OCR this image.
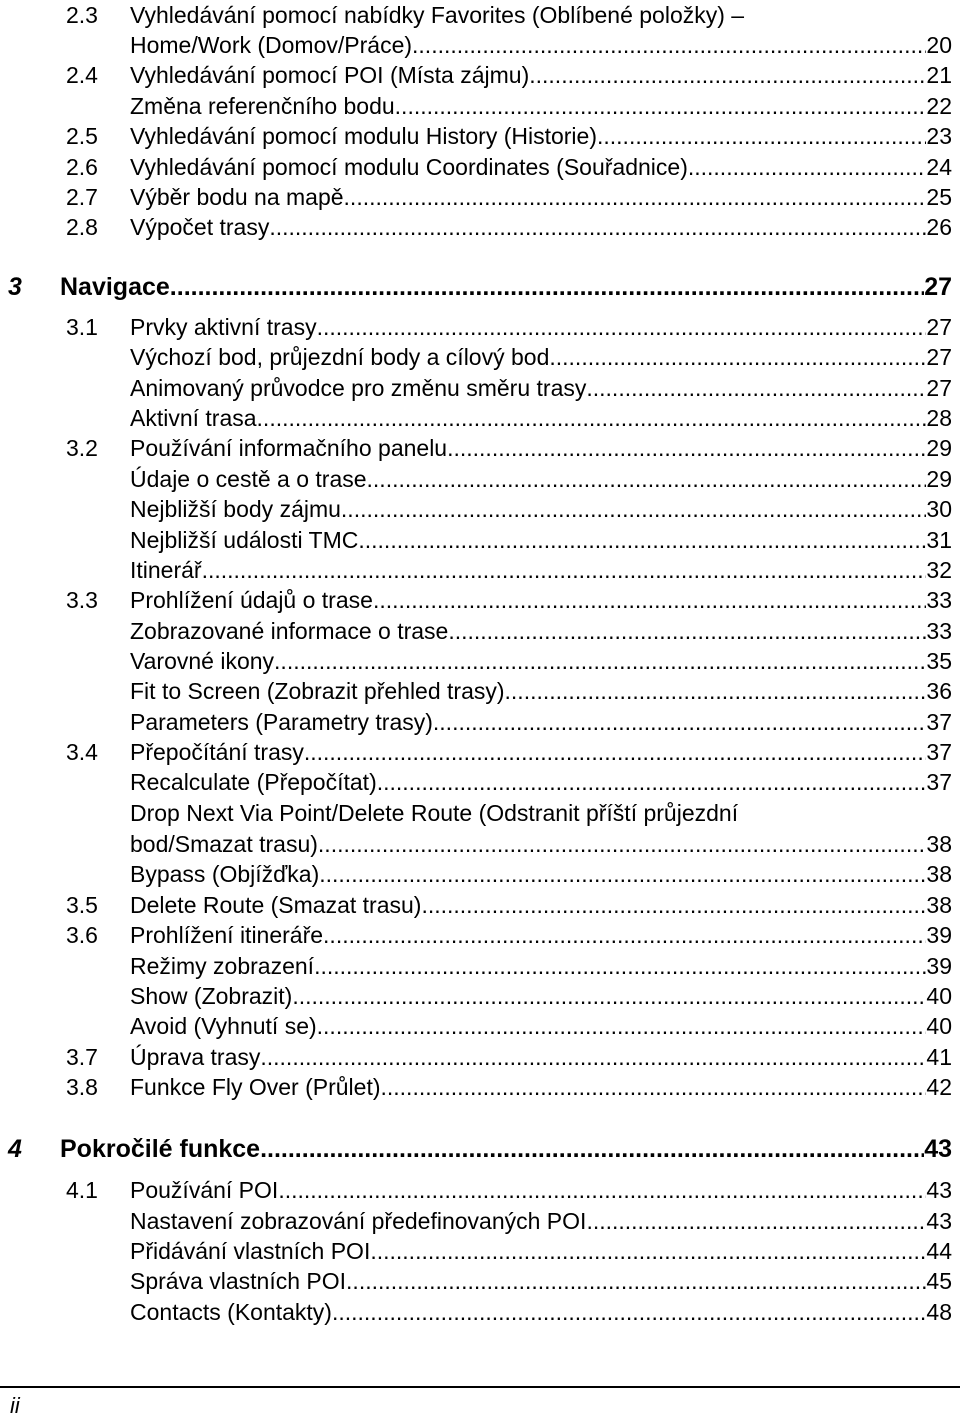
2.3 Vyhledávání pomocí nabídky Favorites (Oblíbené položky) –
Home/Work (Domov/Práce) .....	20
2.4 Vyhledávání pomocí POI (Místa zájmu) .....	21
Změna referenčního bodu .....	22
2.5 Vyhledávání pomocí modulu History (Historie) .....	23
2.6 Vyhledávání pomocí modulu Coordinates (Souřadnice) .....	24
2.7 Výběr bodu na mapě .....	25
2.8 Výpočet trasy .....	26
3 Navigace .....	27
3.1 Prvky aktivní trasy .....	27
Výchozí bod, průjezdní body a cílový bod .....	27
Animovaný průvodce pro změnu směru trasy .....	27
Aktivní trasa .....	28
3.2 Používání informačního panelu .....	29
Údaje o cestě a o trase .....	29
Nejbližší body zájmu .....	30
Nejbližší události TMC .....	31
Itinerář .....	32
3.3 Prohlížení údajů o trase .....	33
Zobrazované informace o trase .....	33
Varovné ikony .....	35
Fit to Screen (Zobrazit přehled trasy) .....	36
Parameters (Parametry trasy) .....	37
3.4 Přepočítání trasy .....	37
Recalculate (Přepočítat) .....	37
Drop Next Via Point/Delete Route (Odstranit příští průjezdní
bod/Smazat trasu) .....	38
Bypass (Objížďka) .....	38
3.5 Delete Route (Smazat trasu) .....	38
3.6 Prohlížení itineráře .....	39
Režimy zobrazení .....	39
Show (Zobrazit) .....	40
Avoid (Vyhnutí se) .....	40
3.7 Úprava trasy .....	41
3.8 Funkce Fly Over (Průlet) .....	42
4 Pokročilé funkce .....	43
4.1 Používání POI .....	43
Nastavení zobrazování předefinovaných POI .....	43
Přidávání vlastních POI .....	44
Správa vlastních POI .....	45
Contacts (Kontakty) .....	48
ii
